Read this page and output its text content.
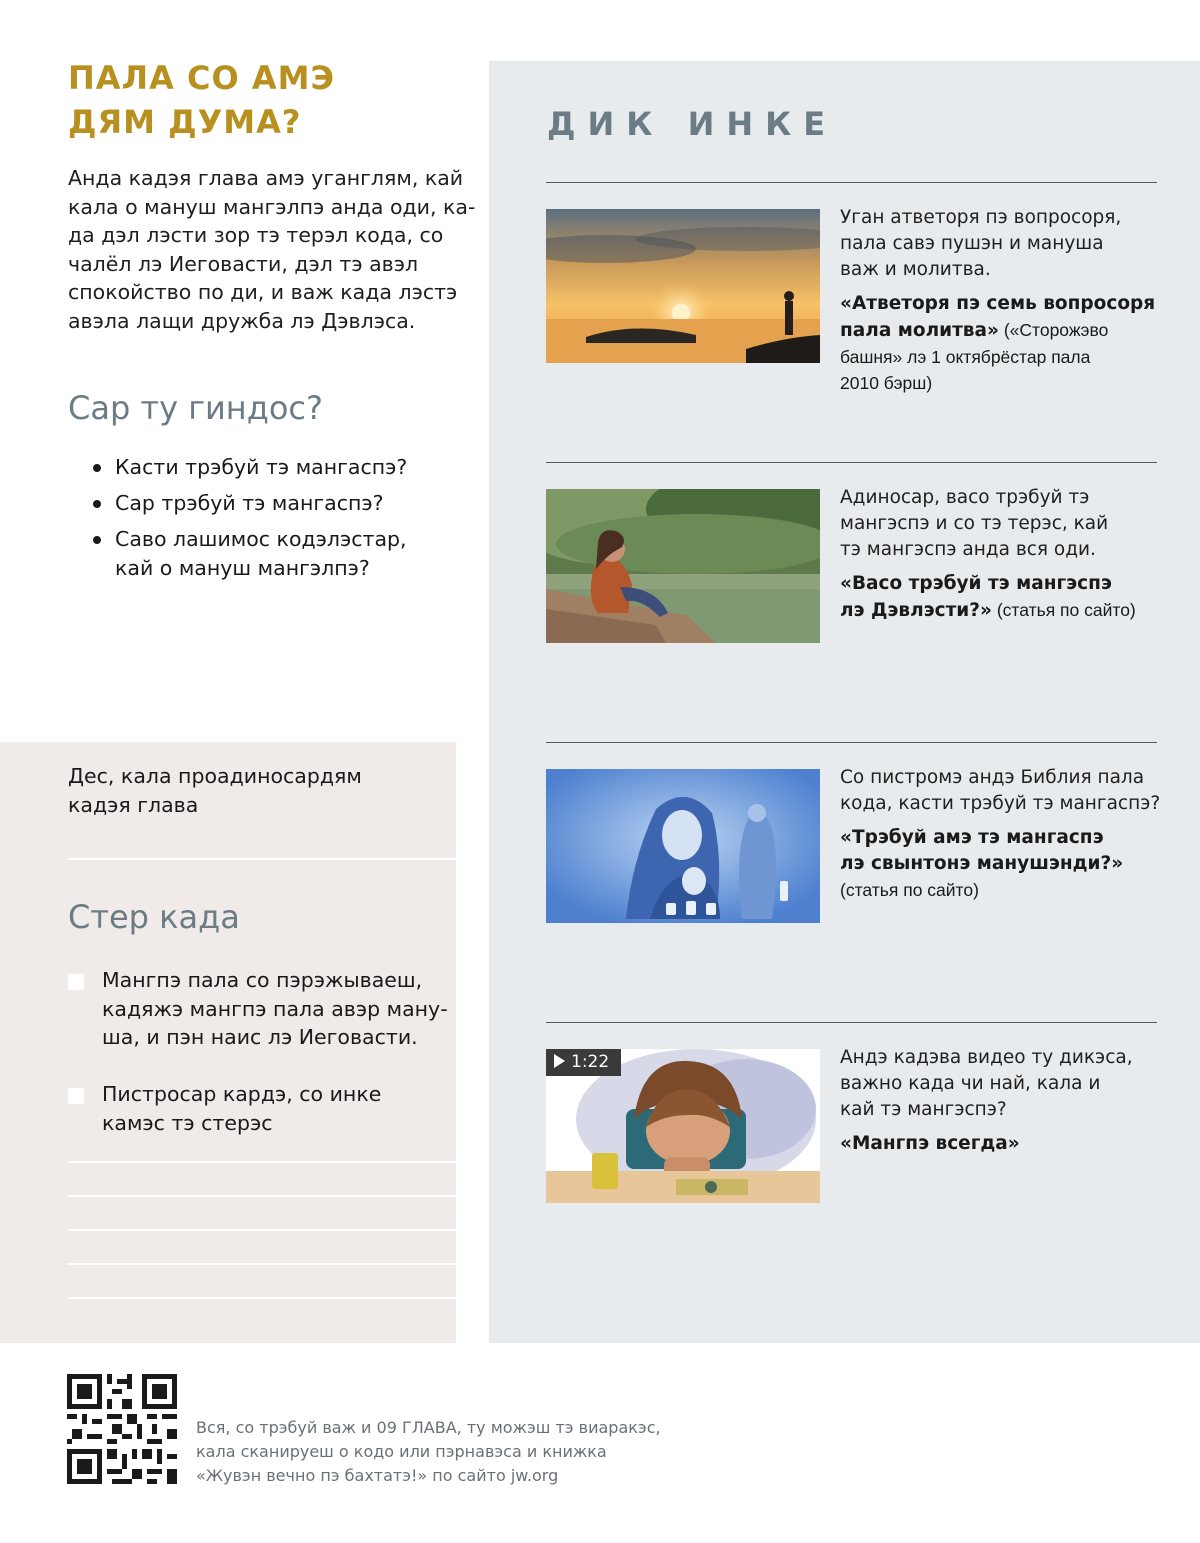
ПАЛА СО АМЭ
ДЯМ ДУМА?
Анда кадэя глава амэ уганглям, кай
кала о мануш мангэлпэ анда оди, ка-
да дэл лэсти зор тэ терэл кода, со
чалёл лэ Иеговасти, дэл тэ авэл
спокойство по ди, и важ када лэстэ
авэла лащи дружба лэ Дэвлэса.
Сар ту гиндос?
Касти трэбуй тэ мангаспэ?
Сар трэбуй тэ мангаспэ?
Саво лашимос кодэлэстар,
кай о мануш мангэлпэ?
Дес, кала проадиносардям
кадэя глава
Стер када
Мангпэ пала со пэрэжываеш,
кадяжэ мангпэ пала авэр ману-
ша, и пэн наис лэ Иеговасти.
Пистросар кардэ, со инке
камэс тэ стерэс
ДИК ИНКЕ
Уган атветоря пэ вопросоря,
пала савэ пушэн и мануша
важ и молитва.
«Атветоря пэ семь вопросоря
пала молитва» («Сторожэво
башня» лэ 1 октябрёстар пала
2010 бэрш)
Адиносар, васо трэбуй тэ
мангэспэ и со тэ терэс, кай
тэ мангэспэ анда вся оди.
«Васо трэбуй тэ мангэспэ
лэ Дэвлэсти?» (статья по сайто)
Со пистромэ андэ Библия пала
кода, касти трэбуй тэ мангаспэ?
«Трэбуй амэ тэ мангаспэ
лэ свынтонэ манушэнди?»
(статья по сайто)
1:22	Андэ кадэва видео ту дикэса,
важно када чи най, кала и
кай тэ мангэспэ?
«Мангпэ всегда»
Вся, со трэбуй важ и 09 ГЛАВА, ту можэш тэ виаракэс,
кала сканируеш о кодо или пэрнавэса и книжка
«Жувэн вечно пэ бахтатэ!» по сайто jw.org
